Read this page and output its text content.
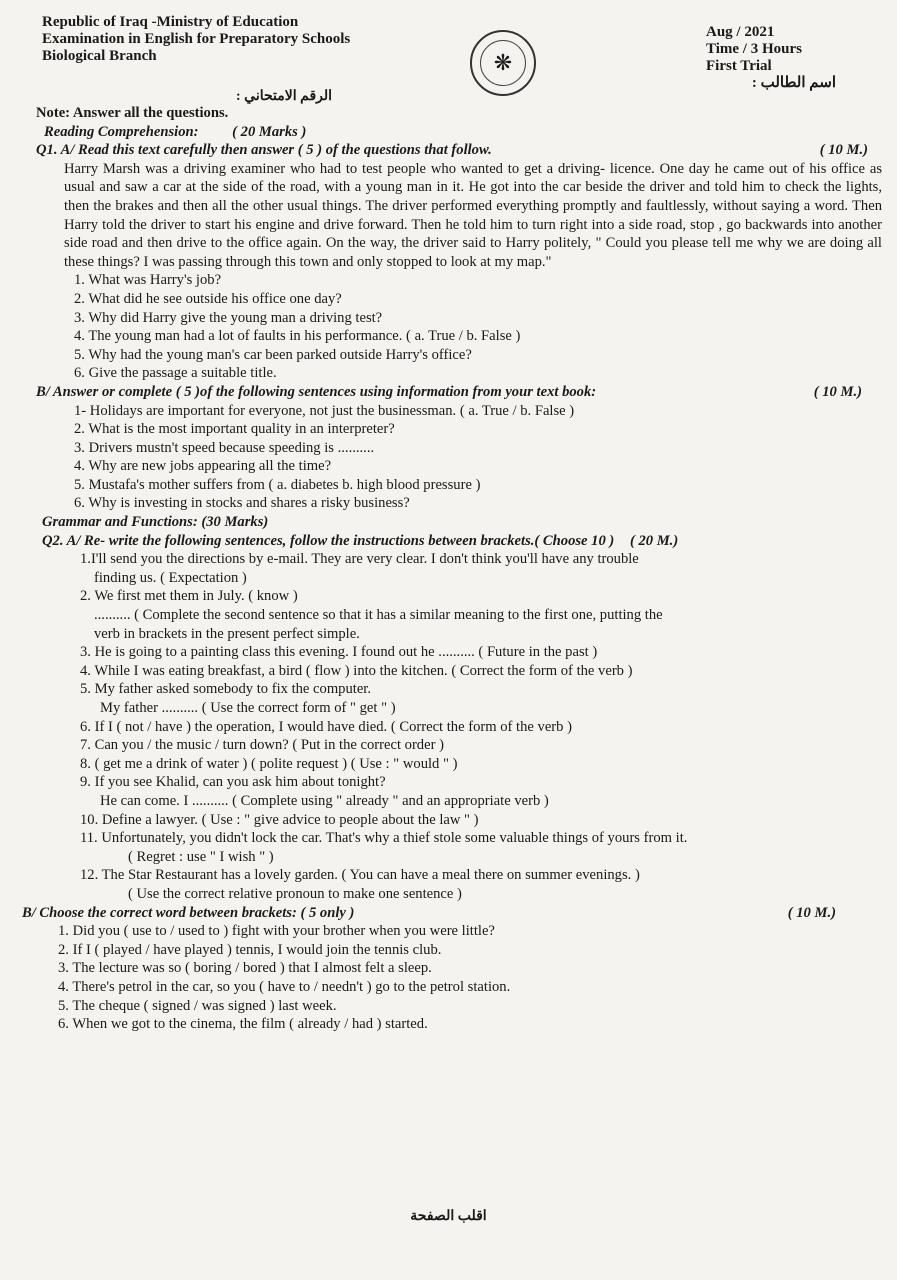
Republic of Iraq -Ministry of Education
Examination in English for Preparatory Schools
Biological Branch	❋
Aug / 2021
Time / 3 Hours
First Trial
اسم الطالب :
الرقم الامتحاني :
Note: Answer all the questions.
Reading Comprehension: ( 20 Marks )
Q1. A/ Read this text carefully then answer ( 5 ) of the questions that follow.	( 10 M.)
Harry Marsh was a driving examiner who had to test people who wanted to get a driving- licence. One day he came out of his office as usual and saw a car at the side of the road, with a young man in it. He got into the car beside the driver and told him to check the lights, then the brakes and then all the other usual things. The driver performed everything promptly and faultlessly, without saying a word. Then Harry told the driver to start his engine and drive forward. Then he told him to turn right into a side road, stop , go backwards into another side road and then drive to the office again. On the way, the driver said to Harry politely, " Could you please tell me why we are doing all these things? I was passing through this town and only stopped to look at my map."
1. What was Harry's job?
2. What did he see outside his office one day?
3. Why did Harry give the young man a driving test?
4. The young man had a lot of faults in his performance. ( a. True / b. False )
5. Why had the young man's car been parked outside Harry's office?
6. Give the passage a suitable title.
B/ Answer or complete ( 5 )of the following sentences using information from your text book:	( 10 M.)
1- Holidays are important for everyone, not just the businessman. ( a. True / b. False )
2. What is the most important quality in an interpreter?
3. Drivers mustn't speed because speeding is ..........
4. Why are new jobs appearing all the time?
5. Mustafa's mother suffers from ( a. diabetes b. high blood pressure )
6. Why is investing in stocks and shares a risky business?
Grammar and Functions: (30 Marks)
Q2. A/ Re- write the following sentences, follow the instructions between brackets.( Choose 10 ) ( 20 M.)
1.I'll send you the directions by e-mail. They are very clear. I don't think you'll have any trouble
finding us. ( Expectation )
2. We first met them in July. ( know )
.......... ( Complete the second sentence so that it has a similar meaning to the first one, putting the
verb in brackets in the present perfect simple.
3. He is going to a painting class this evening. I found out he .......... ( Future in the past )
4. While I was eating breakfast, a bird ( flow ) into the kitchen. ( Correct the form of the verb )
5. My father asked somebody to fix the computer.
My father .......... ( Use the correct form of " get " )
6. If I ( not / have ) the operation, I would have died. ( Correct the form of the verb )
7. Can you / the music / turn down? ( Put in the correct order )
8. ( get me a drink of water ) ( polite request ) ( Use : " would " )
9. If you see Khalid, can you ask him about tonight?
He can come. I .......... ( Complete using " already " and an appropriate verb )
10. Define a lawyer. ( Use : " give advice to people about the law " )
11. Unfortunately, you didn't lock the car. That's why a thief stole some valuable things of yours from it.
( Regret : use " I wish " )
12. The Star Restaurant has a lovely garden. ( You can have a meal there on summer evenings. )
( Use the correct relative pronoun to make one sentence )
B/ Choose the correct word between brackets: ( 5 only )	( 10 M.)
1. Did you ( use to / used to ) fight with your brother when you were little?
2. If I ( played / have played ) tennis, I would join the tennis club.
3. The lecture was so ( boring / bored ) that I almost felt a sleep.
4. There's petrol in the car, so you ( have to / needn't ) go to the petrol station.
5. The cheque ( signed / was signed ) last week.
6. When we got to the cinema, the film ( already / had ) started.
اقلب الصفحة
